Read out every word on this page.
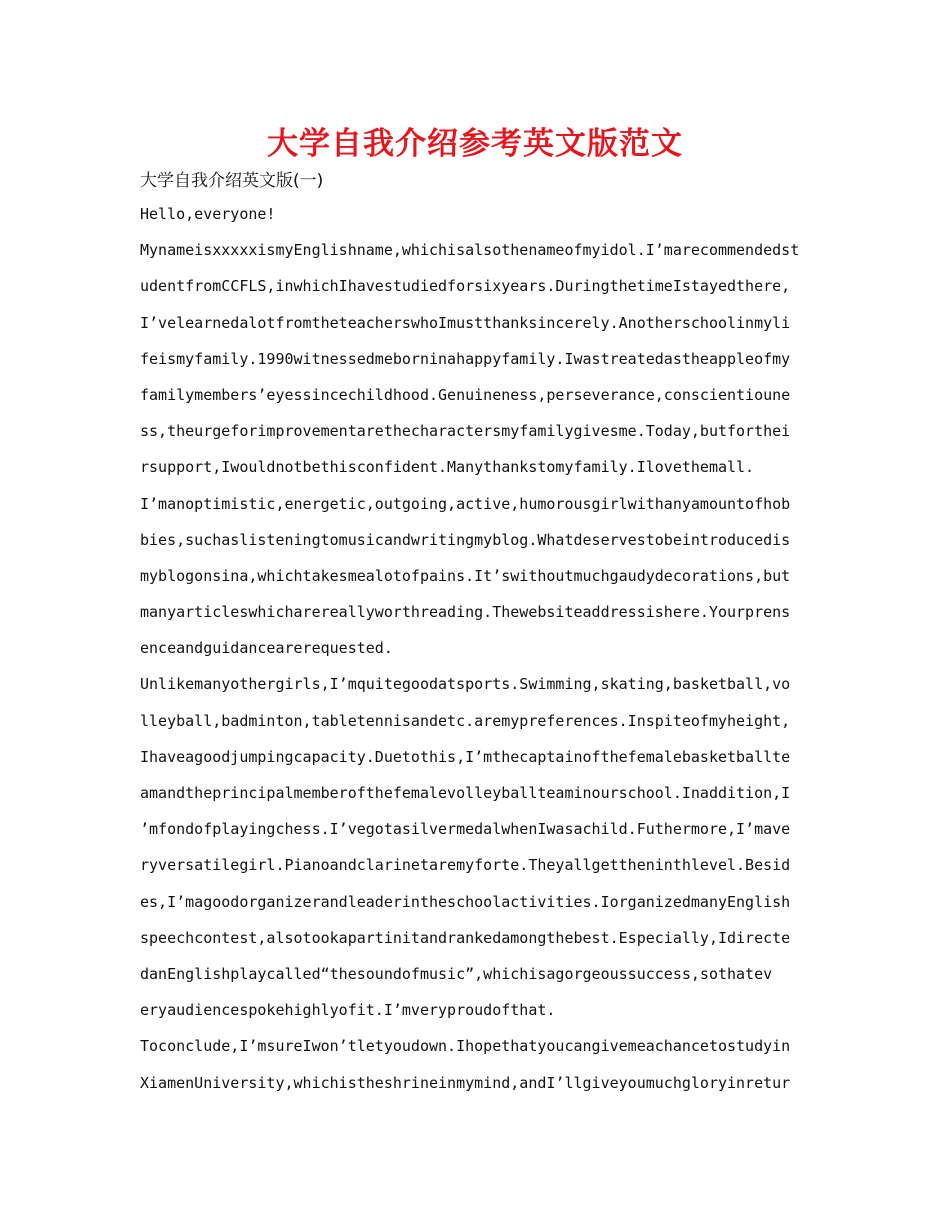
大学自我介绍参考英文版范文
大学自我介绍英文版(一)
Hello,everyone!
MynameisxxxxxismyEnglishname,whichisalsothenameofmyidol.I’marecommendedst
udentfromCCFLS,inwhichIhavestudiedforsixyears.DuringthetimeIstayedthere,
I’velearnedalotfromtheteacherswhoImustthanksincerely.Anotherschoolinmyli
feismyfamily.1990witnessedmeborninahappyfamily.Iwastreatedastheappleofmy
familymembers’eyessincechildhood.Genuineness,perseverance,conscientioune
ss,theurgeforimprovementarethecharactersmyfamilygivesme.Today,butforthei
rsupport,Iwouldnotbethisconfident.Manythankstomyfamily.Ilovethemall.
I’manoptimistic,energetic,outgoing,active,humorousgirlwithanyamountofhob
bies,suchaslisteningtomusicandwritingmyblog.Whatdeservestobeintroducedis
myblogonsina,whichtakesmealotofpains.It’swithoutmuchgaudydecorations,but
manyarticleswhicharereallyworthreading.Thewebsiteaddressishere.Yourprens
enceandguidancearerequested.
Unlikemanyothergirls,I’mquitegoodatsports.Swimming,skating,basketball,vo
lleyball,badminton,tabletennisandetc.aremypreferences.Inspiteofmyheight,
Ihaveagoodjumpingcapacity.Duetothis,I’mthecaptainofthefemalebasketballte
amandtheprincipalmemberofthefemalevolleyballteaminourschool.Inaddition,I
’mfondofplayingchess.I’vegotasilvermedalwhenIwasachild.Futhermore,I’mave
ryversatilegirl.Pianoandclarinetaremyforte.Theyallgettheninthlevel.Besid
es,I’magoodorganizerandleaderintheschoolactivities.IorganizedmanyEnglish
speechcontest,alsotookapartinitandrankedamongthebest.Especially,Idirecte
danEnglishplaycalled“thesoundofmusic”,whichisagorgeoussuccess,sothatev
eryaudiencespokehighlyofit.I’mveryproudofthat.
Toconclude,I’msureIwon’tletyoudown.Ihopethatyoucangivemeachancetostudyin
XiamenUniversity,whichistheshrineinmymind,andI’llgiveyoumuchgloryinretur
